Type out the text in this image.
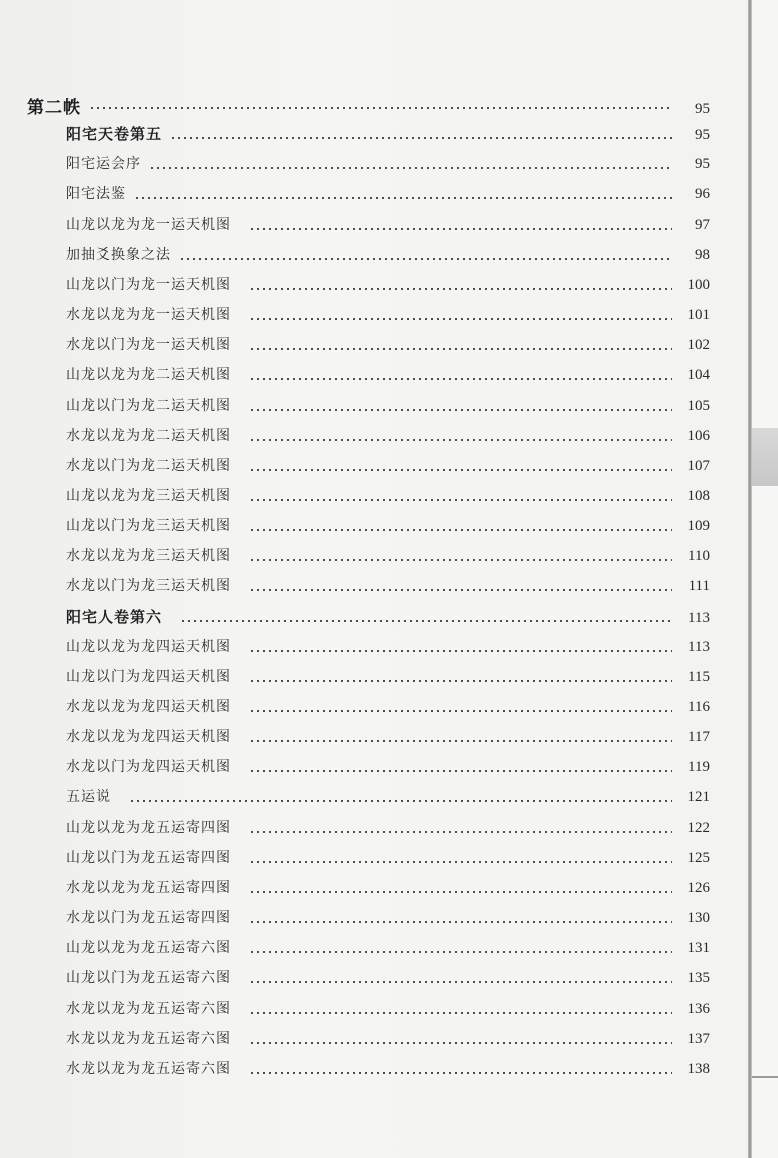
第二帙	95
阳宅天卷第五	95
阳宅运会序	95
阳宅法鉴	96
山龙以龙为龙一运天机图	97
加抽爻换象之法	98
山龙以门为龙一运天机图	100
水龙以龙为龙一运天机图	101
水龙以门为龙一运天机图	102
山龙以龙为龙二运天机图	104
山龙以门为龙二运天机图	105
水龙以龙为龙二运天机图	106
水龙以门为龙二运天机图	107
山龙以龙为龙三运天机图	108
山龙以门为龙三运天机图	109
水龙以龙为龙三运天机图	110
水龙以门为龙三运天机图	111
阳宅人卷第六	113
山龙以龙为龙四运天机图	113
山龙以门为龙四运天机图	115
水龙以龙为龙四运天机图	116
水龙以龙为龙四运天机图	117
水龙以门为龙四运天机图	119
五运说	121
山龙以龙为龙五运寄四图	122
山龙以门为龙五运寄四图	125
水龙以龙为龙五运寄四图	126
水龙以门为龙五运寄四图	130
山龙以龙为龙五运寄六图	131
山龙以门为龙五运寄六图	135
水龙以龙为龙五运寄六图	136
水龙以龙为龙五运寄六图	137
水龙以龙为龙五运寄六图	138
